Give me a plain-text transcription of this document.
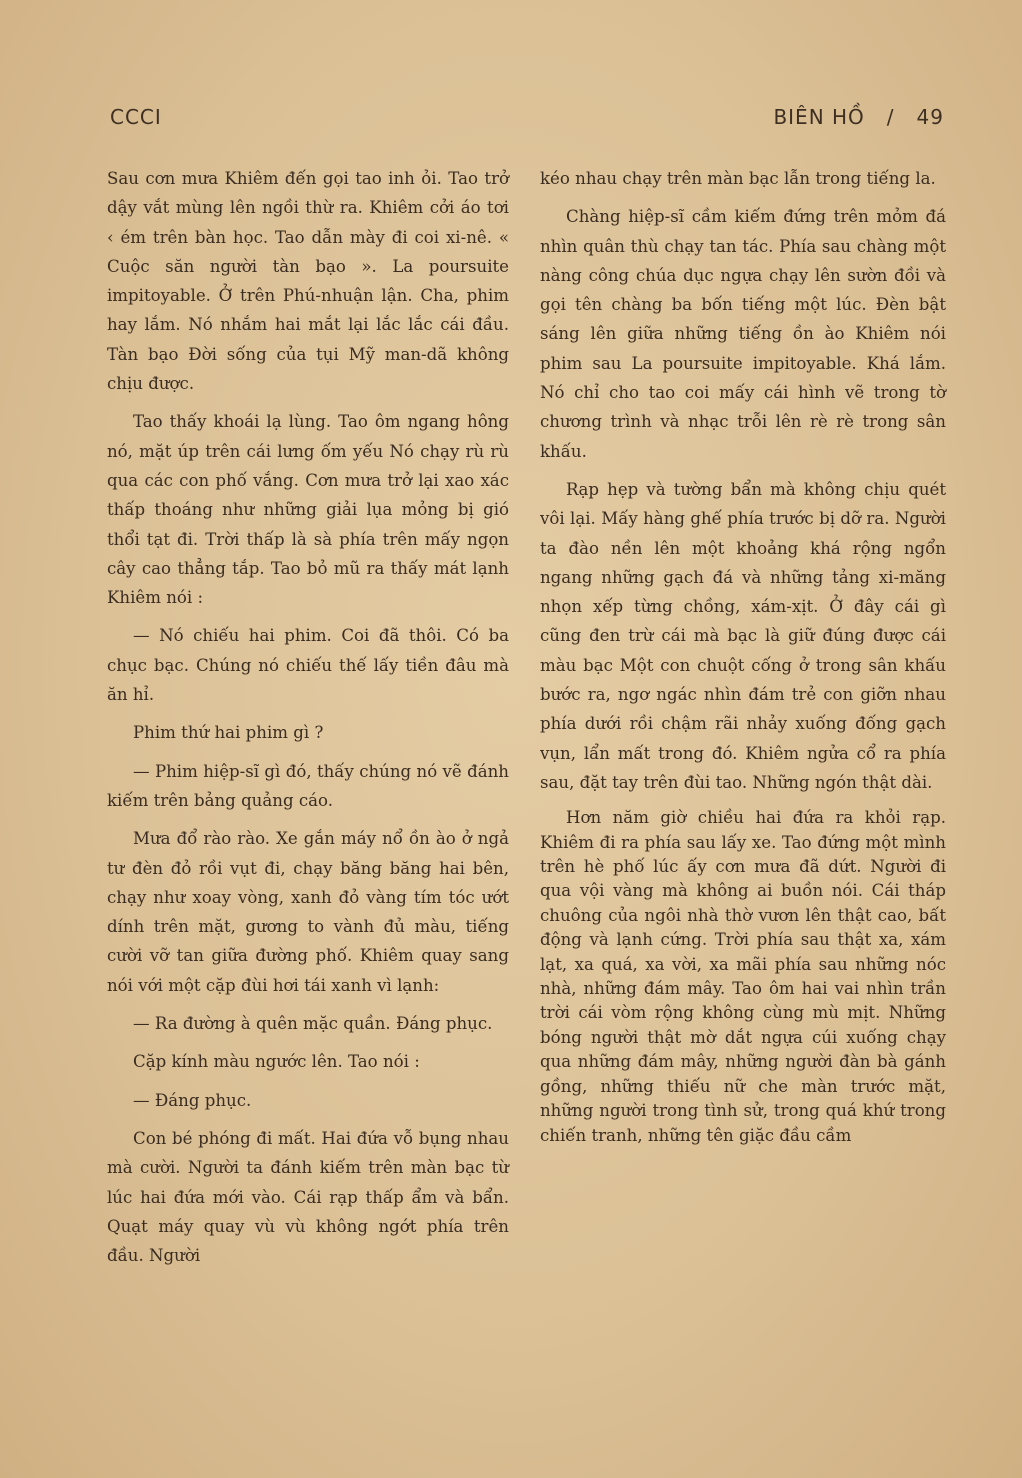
CCCI	BIÊN HỒ / 49

Sau cơn mưa Khiêm đến gọi tao inh ỏi. Tao trở dậy vắt mùng lên ngồi thừ ra. Khiêm cởi áo tơi ‹ ém trên bàn học. Tao dẫn mày đi coi xi-nê. « Cuộc săn người tàn bạo ». La poursuite impitoyable. Ở trên Phú-nhuận lận. Cha, phim hay lắm. Nó nhắm hai mắt lại lắc lắc cái đầu. Tàn bạo Đời sống của tụi Mỹ man-dã không chịu được.

Tao thấy khoái lạ lùng. Tao ôm ngang hông nó, mặt úp trên cái lưng ốm yếu Nó chạy rù rù qua các con phố vắng. Cơn mưa trở lại xao xác thấp thoáng như những giải lụa mỏng bị gió thổi tạt đi. Trời thấp là sà phía trên mấy ngọn cây cao thẳng tắp. Tao bỏ mũ ra thấy mát lạnh Khiêm nói :

— Nó chiếu hai phim. Coi đã thôi. Có ba chục bạc. Chúng nó chiếu thế lấy tiền đâu mà ăn hỉ.

Phim thứ hai phim gì ?

— Phim hiệp-sĩ gì đó, thấy chúng nó vẽ đánh kiếm trên bảng quảng cáo.

Mưa đổ rào rào. Xe gắn máy nổ ồn ào ở ngả tư đèn đỏ rồi vụt đi, chạy băng băng hai bên, chạy như xoay vòng, xanh đỏ vàng tím tóc ướt dính trên mặt, gương to vành đủ màu, tiếng cười vỡ tan giữa đường phố. Khiêm quay sang nói với một cặp đùi hơi tái xanh vì lạnh:

— Ra đường à quên mặc quần. Đáng phục.

Cặp kính màu ngước lên. Tao nói :

— Đáng phục.

Con bé phóng đi mất. Hai đứa vỗ bụng nhau mà cười. Người ta đánh kiếm trên màn bạc từ lúc hai đứa mới vào. Cái rạp thấp ẩm và bẩn. Quạt máy quay vù vù không ngớt phía trên đầu. Người

kéo nhau chạy trên màn bạc lẫn trong tiếng la.

Chàng hiệp-sĩ cầm kiếm đứng trên mỏm đá nhìn quân thù chạy tan tác. Phía sau chàng một nàng công chúa dục ngựa chạy lên sườn đồi và gọi tên chàng ba bốn tiếng một lúc. Đèn bật sáng lên giữa những tiếng ồn ào Khiêm nói phim sau La poursuite impitoyable. Khá lắm. Nó chỉ cho tao coi mấy cái hình vẽ trong tờ chương trình và nhạc trỗi lên rè rè trong sân khấu.

Rạp hẹp và tường bẩn mà không chịu quét vôi lại. Mấy hàng ghế phía trước bị dỡ ra. Người ta đào nền lên một khoảng khá rộng ngổn ngang những gạch đá và những tảng xi-măng nhọn xếp từng chồng, xám-xịt. Ở đây cái gì cũng đen trừ cái mà bạc là giữ đúng được cái màu bạc Một con chuột cống ở trong sân khấu bước ra, ngơ ngác nhìn đám trẻ con giỡn nhau phía dưới rồi chậm rãi nhảy xuống đống gạch vụn, lẩn mất trong đó. Khiêm ngửa cổ ra phía sau, đặt tay trên đùi tao. Những ngón thật dài.

Hơn năm giờ chiều hai đứa ra khỏi rạp. Khiêm đi ra phía sau lấy xe. Tao đứng một mình trên hè phố lúc ấy cơn mưa đã dứt. Người đi qua vội vàng mà không ai buồn nói. Cái tháp chuông của ngôi nhà thờ vươn lên thật cao, bất động và lạnh cứng. Trời phía sau thật xa, xám lạt, xa quá, xa vời, xa mãi phía sau những nóc nhà, những đám mây. Tao ôm hai vai nhìn trần trời cái vòm rộng không cùng mù mịt. Những bóng người thật mờ dắt ngựa cúi xuống chạy qua những đám mây, những người đàn bà gánh gồng, những thiếu nữ che màn trước mặt, những người trong tình sử, trong quá khứ trong chiến tranh, những tên giặc đầu cầm
